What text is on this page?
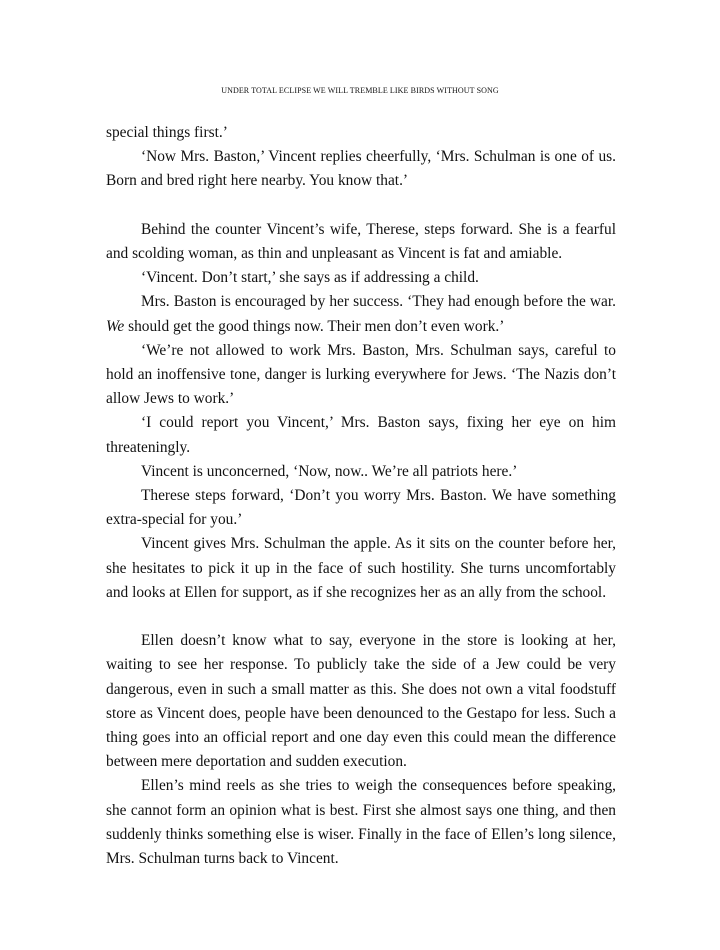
UNDER TOTAL ECLIPSE WE WILL TREMBLE LIKE BIRDS WITHOUT SONG

special things first.’

‘Now Mrs. Baston,’ Vincent replies cheerfully, ‘Mrs. Schulman is one of us. Born and bred right here nearby. You know that.’

Behind the counter Vincent’s wife, Therese, steps forward. She is a fearful and scolding woman, as thin and unpleasant as Vincent is fat and amiable.

‘Vincent. Don’t start,’ she says as if addressing a child.

Mrs. Baston is encouraged by her success. ‘They had enough before the war. We should get the good things now. Their men don’t even work.’

‘We’re not allowed to work Mrs. Baston, Mrs. Schulman says, careful to hold an inoffensive tone, danger is lurking everywhere for Jews. ‘The Nazis don’t allow Jews to work.’

‘I could report you Vincent,’ Mrs. Baston says, fixing her eye on him threateningly.

Vincent is unconcerned, ‘Now, now.. We’re all patriots here.’

Therese steps forward, ‘Don’t you worry Mrs. Baston. We have something extra-special for you.’

Vincent gives Mrs. Schulman the apple. As it sits on the counter before her, she hesitates to pick it up in the face of such hostility. She turns uncomfortably and looks at Ellen for support, as if she recognizes her as an ally from the school.

Ellen doesn’t know what to say, everyone in the store is looking at her, waiting to see her response. To publicly take the side of a Jew could be very dangerous, even in such a small matter as this. She does not own a vital foodstuff store as Vincent does, people have been denounced to the Gestapo for less. Such a thing goes into an official report and one day even this could mean the difference between mere deportation and sudden execution.

Ellen’s mind reels as she tries to weigh the consequences before speaking, she cannot form an opinion what is best. First she almost says one thing, and then suddenly thinks something else is wiser. Finally in the face of Ellen’s long silence, Mrs. Schulman turns back to Vincent.
